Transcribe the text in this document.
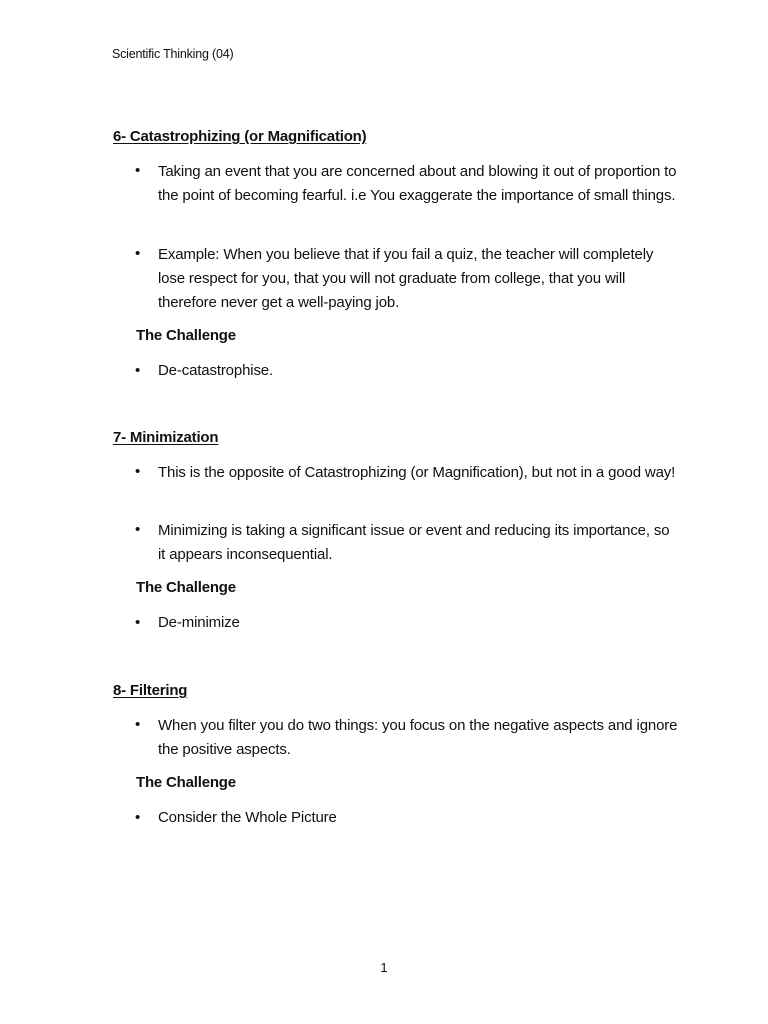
Scientific Thinking (04)
6- Catastrophizing (or Magnification)
• Taking an event that you are concerned about and blowing it out of proportion to the point of becoming fearful. i.e You exaggerate the importance of small things.
• Example: When you believe that if you fail a quiz, the teacher will completely lose respect for you, that you will not graduate from college, that you will therefore never get a well-paying job.
The Challenge
• De-catastrophise.
7- Minimization
• This is the opposite of Catastrophizing (or Magnification), but not in a good way!
• Minimizing is taking a significant issue or event and reducing its importance, so it appears inconsequential.
The Challenge
• De-minimize
8- Filtering
• When you filter you do two things: you focus on the negative aspects and ignore the positive aspects.
The Challenge
• Consider the Whole Picture
1
